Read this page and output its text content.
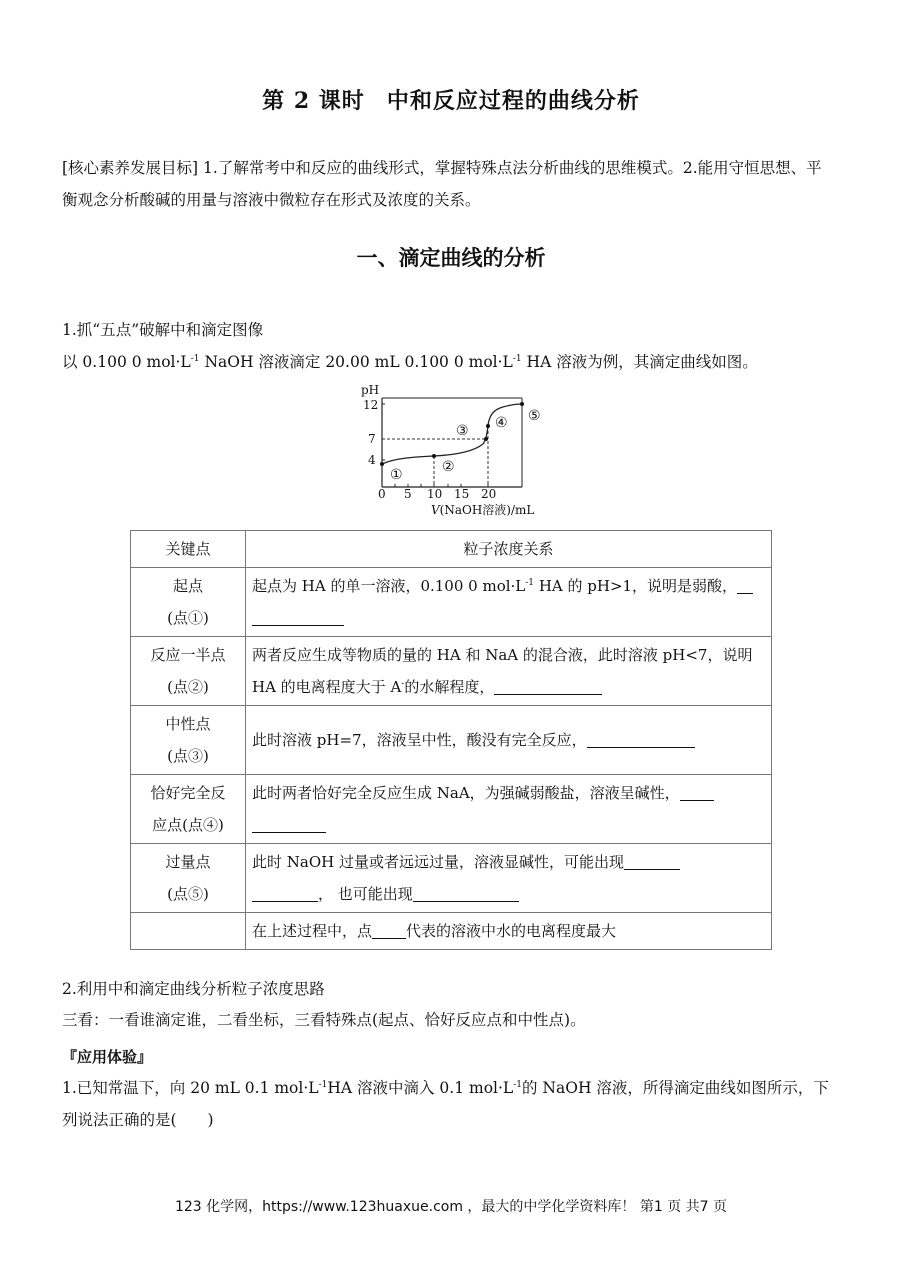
第 2 课时 中和反应过程的曲线分析
[核心素养发展目标] 1.了解常考中和反应的曲线形式，掌握特殊点法分析曲线的思维模式。2.能用守恒思想、平衡观念分析酸碱的用量与溶液中微粒存在形式及浓度的关系。
一、滴定曲线的分析
1.抓“五点”破解中和滴定图像
以 0.100 0 $mol\cdot L^{-1}$ NaOH 溶液滴定 20.00 mL 0.100 0 $mol\cdot L^{-1}$ HA 溶液为例，其滴定曲线如图。
pH
12
7
4
0 5 10 15 20
V(NaOH溶液)/mL
①	②
③ ④ ⑤
关键点	粒子浓度关系
起点
(点①)	起点为 HA 的单一溶液，0.100 0 $mol\cdot L^{-1}$ HA 的 pH>1，说明是弱酸，

反应一半点
(点②)	两者反应生成等物质的量的 HA 和 NaA 的混合液，此时溶液 pH<7，说明 HA 的电离程度大于 A-的水解程度，
中性点
(点③)	此时溶液 pH=7，溶液呈中性，酸没有完全反应，
恰好完全反
应点(点④)	此时两者恰好完全反应生成 NaA，为强碱弱酸盐，溶液呈碱性，

过量点
(点⑤)	此时 NaOH 过量或者远远过量，溶液显碱性，可能出现
， 也可能出现
	在上述过程中，点 代表的溶液中水的电离程度最大
2.利用中和滴定曲线分析粒子浓度思路
三看：一看谁滴定谁，二看坐标，三看特殊点(起点、恰好反应点和中性点)。
『应用体验』
1.已知常温下，向 20 mL 0.1 $mol\cdot L^{-1}HA$ 溶液中滴入 0.1 $mol\cdot L^{-1}$的 NaOH 溶液，所得滴定曲线如图所示，下列说法正确的是(　　)
123 化学网，https://www.123huaxue.com ，最大的中学化学资料库！ 第1 页 共7 页
